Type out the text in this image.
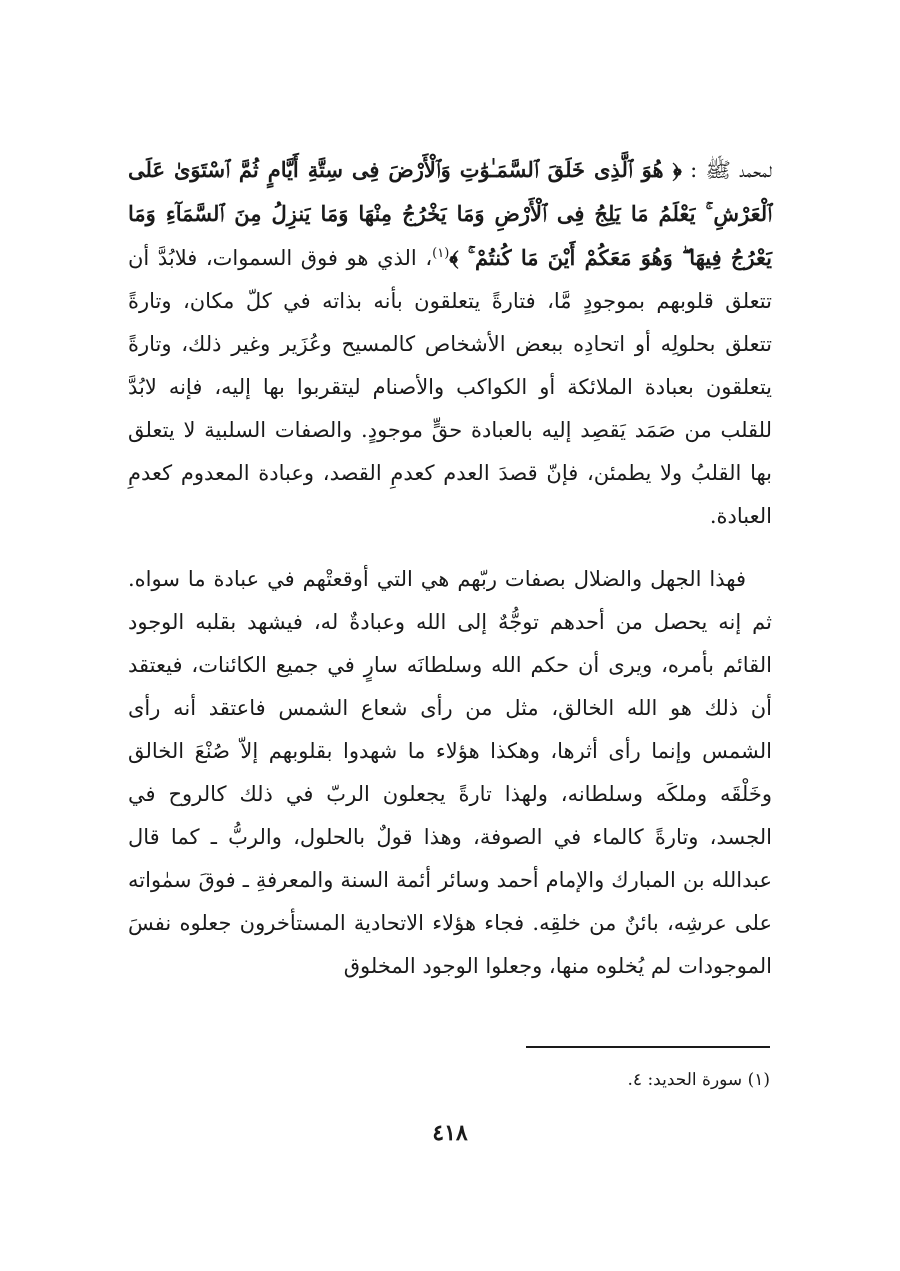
لمحمد ﷺ : ﴿ هُوَ ٱلَّذِى خَلَقَ ٱلسَّمَـٰوَٰتِ وَٱلْأَرْضَ فِى سِتَّةِ أَيَّامٍ ثُمَّ ٱسْتَوَىٰ عَلَى ٱلْعَرْشِ ۚ يَعْلَمُ مَا يَلِجُ فِى ٱلْأَرْضِ وَمَا يَخْرُجُ مِنْهَا وَمَا يَنزِلُ مِنَ ٱلسَّمَآءِ وَمَا يَعْرُجُ فِيهَا ۖ وَهُوَ مَعَكُمْ أَيْنَ مَا كُنتُمْ ۚ ﴾$^{(١)}$، الذي هو فوق السموات، فلابُدَّ أن تتعلق قلوبهم بموجودٍ مَّا، فتارةً يتعلقون بأنه بذاته في كلّ مكان، وتارةً تتعلق بحلولِه أو اتحادِه ببعض الأشخاص كالمسيح وعُزَير وغير ذلك، وتارةً يتعلقون بعبادة الملائكة أو الكواكب والأصنام ليتقربوا بها إليه، فإنه لابُدَّ للقلب من صَمَد يَقصِد إليه بالعبادة حقٍّ موجودٍ. والصفات السلبية لا يتعلق بها القلبُ ولا يطمئن، فإنّ قصدَ العدم كعدمِ القصد، وعبادة المعدوم كعدمِ العبادة.

فهذا الجهل والضلال بصفات ربّهم هي التي أوقعتْهم في عبادة ما سواه. ثم إنه يحصل من أحدهم توجُّهٌ إلى الله وعبادةٌ له، فيشهد بقلبه الوجود القائم بأمره، ويرى أن حكم الله وسلطانَه سارٍ في جميع الكائنات، فيعتقد أن ذلك هو الله الخالق، مثل من رأى شعاع الشمس فاعتقد أنه رأى الشمس وإنما رأى أثرها، وهكذا هؤلاء ما شهدوا بقلوبهم إلاّ صُنْعَ الخالق وخَلْقَه وملكَه وسلطانه، ولهذا تارةً يجعلون الربّ في ذلك كالروح في الجسد، وتارةً كالماء في الصوفة، وهذا قولٌ بالحلول، والربُّ ـ كما قال عبدالله بن المبارك والإمام أحمد وسائر أئمة السنة والمعرفةِ ـ فوقَ سمٰواته على عرشِه، بائنٌ من خلقِه. فجاء هؤلاء الاتحادية المستأخرون جعلوه نفسَ الموجودات لم يُخلوه منها، وجعلوا الوجود المخلوق

(١) سورة الحديد: ٤.
٤١٨
